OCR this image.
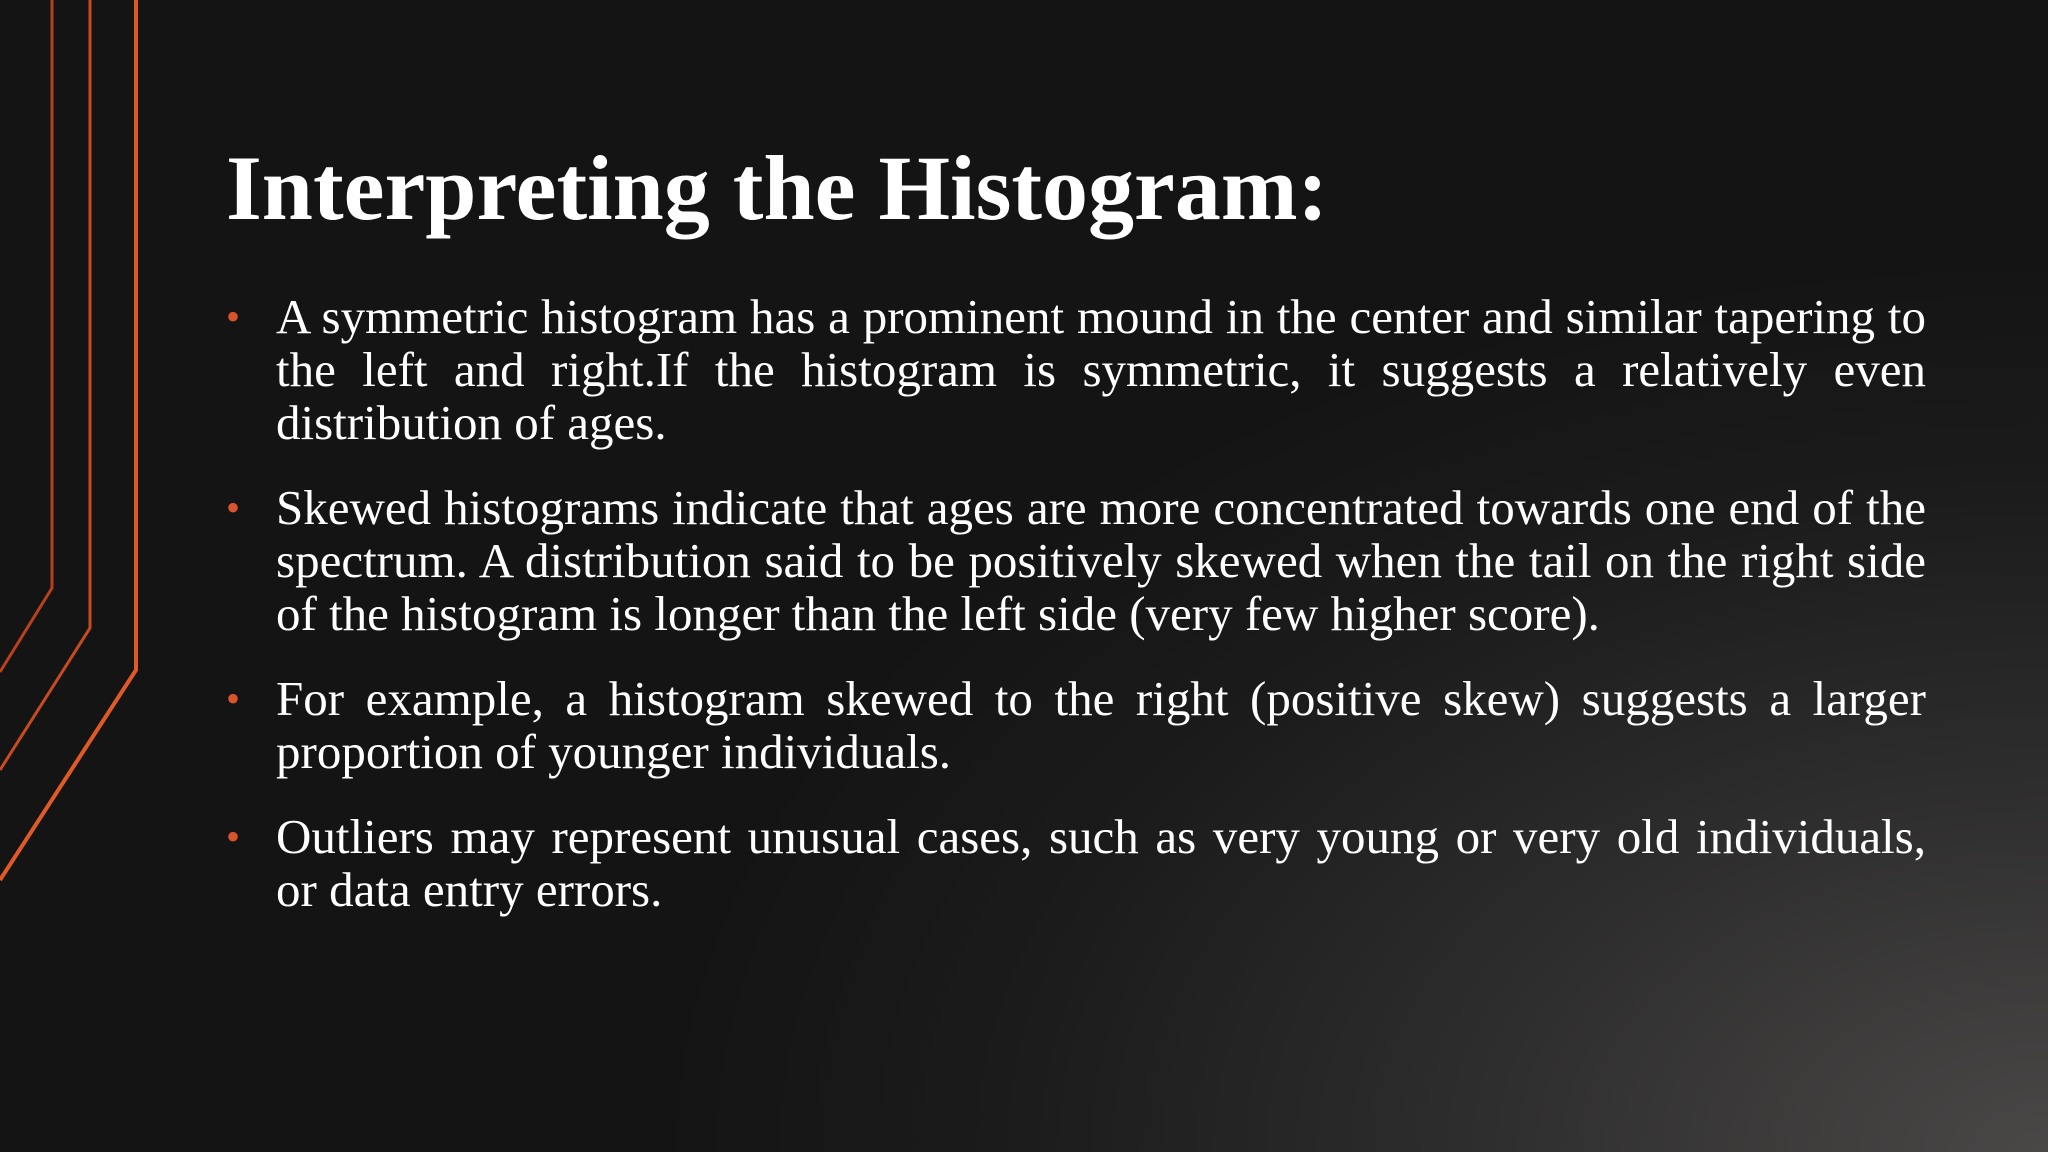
Interpreting the Histogram:
• A symmetric histogram has a prominent mound in the center and similar tapering to the left and right.If the histogram is symmetric, it suggests a relatively even distribution of ages.
• Skewed histograms indicate that ages are more concentrated towards one end of the spectrum. A distribution said to be positively skewed when the tail on the right side of the histogram is longer than the left side (very few higher score).
• For example, a histogram skewed to the right (positive skew) suggests a larger proportion of younger individuals.
• Outliers may represent unusual cases, such as very young or very old individuals, or data entry errors.
